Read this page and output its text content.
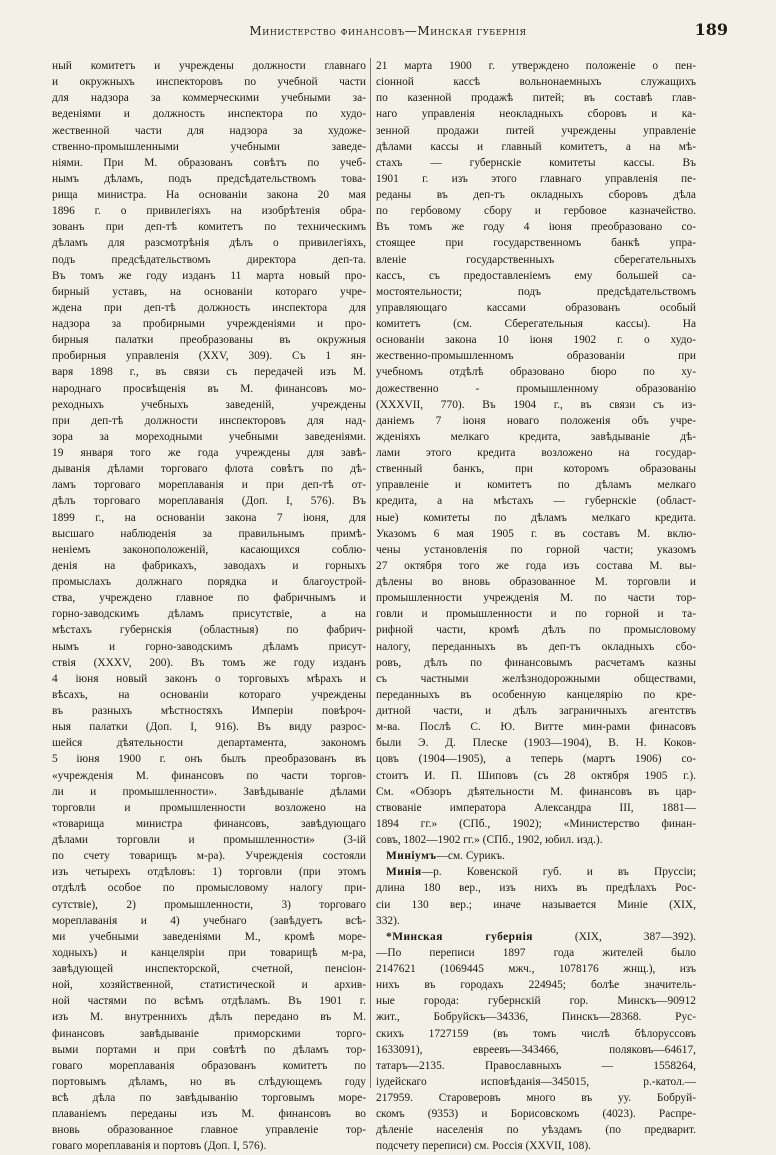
Министерство финансовъ—Минская губернія	189
ный комитетъ и учреждены должности главнаго
и окружныхъ инспекторовъ по учебной части
для надзора за коммерческими учебными за-
веденіями и должность инспектора по худо-
жественной части для надзора за художе-
ственно-промышленными учебными заведе-
ніями. При М. образованъ совѣтъ по учеб-
нымъ дѣламъ, подъ предсѣдательствомъ това-
рища министра. На основаніи закона 20 мая
1896 г. о привилегіяхъ на изобрѣтенія обра-
зованъ при деп-тѣ комитетъ по техническимъ
дѣламъ для разсмотрѣнія дѣлъ о привилегіяхъ,
подъ предсѣдательствомъ директора деп-та.
Въ томъ же году изданъ 11 марта новый про-
бирный уставъ, на основаніи котораго учре-
ждена при деп-тѣ должность инспектора для
надзора за пробирными учрежденіями и про-
бирныя палатки преобразованы въ окружныя
пробирныя управленія (XXV, 309). Съ 1 ян-
варя 1898 г., въ связи съ передачей изъ М.
народнаго просвѣщенія въ М. финансовъ мо-
реходныхъ учебныхъ заведеній, учреждены
при деп-тѣ должности инспекторовъ для над-
зора за мореходными учебными заведеніями.
19 января того же года учреждены для завѣ-
дыванія дѣлами торговаго флота совѣтъ по дѣ-
ламъ торговаго мореплаванія и при деп-тѣ от-
дѣлъ торговаго мореплаванія (Доп. I, 576). Въ
1899 г., на основаніи закона 7 іюня, для
высшаго наблюденія за правильнымъ примѣ-
неніемъ законоположеній, касающихся соблю-
денія на фабрикахъ, заводахъ и горныхъ
промыслахъ должнаго порядка и благоустрой-
ства, учреждено главное по фабричнымъ и
горно-заводскимъ дѣламъ присутствіе, а на
мѣстахъ губернскія (областныя) по фабрич-
нымъ и горно-заводскимъ дѣламъ присут-
ствія (XXXV, 200). Въ томъ же году изданъ
4 іюня новый законъ о торговыхъ мѣрахъ и
вѣсахъ, на основаніи котораго учреждены
въ разныхъ мѣстностяхъ Имперіи повѣроч-
ныя палатки (Доп. I, 916). Въ виду разрос-
шейся дѣятельности департамента, закономъ
5 іюня 1900 г. онъ былъ преобразованъ въ
«учрежденія М. финансовъ по части торгов-
ли и промышленности». Завѣдываніе дѣлами
торговли и промышленности возложено на
«товарища министра финансовъ, завѣдующаго
дѣлами торговли и промышленности» (3-ій
по счету товарищъ м-ра). Учрежденія состояли
изъ четырехъ отдѣловъ: 1) торговли (при этомъ
отдѣлѣ особое по промысловому налогу при-
сутствіе), 2) промышленности, 3) торговаго
мореплаванія и 4) учебнаго (завѣдуетъ всѣ-
ми учебными заведеніями М., кромѣ море-
ходныхъ) и канцеляріи при товарищѣ м-ра,
завѣдующей инспекторской, счетной, пенсіон-
ной, хозяйственной, статистической и архив-
ной частями по всѣмъ отдѣламъ. Въ 1901 г.
изъ М. внутреннихъ дѣлъ передано въ М.
финансовъ завѣдываніе приморскими торго-
выми портами и при совѣтѣ по дѣламъ тор-
говаго мореплаванія образованъ комитетъ по
портовымъ дѣламъ, но въ слѣдующемъ году
всѣ дѣла по завѣдыванію торговымъ море-
плаваніемъ переданы изъ М. финансовъ во
вновь образованное главное управленіе тор-
говаго мореплаванія и портовъ (Доп. I, 576).
21 марта 1900 г. утверждено положеніе о пен-
сіонной кассѣ вольнонаемныхъ служащихъ
по казенной продажѣ питей; въ составѣ глав-
наго управленія неокладныхъ сборовъ и ка-
зенной продажи питей учреждены управленіе
дѣлами кассы и главный комитетъ, а на мѣ-
стахъ — губернскіе комитеты кассы. Въ
1901 г. изъ этого главнаго управленія пе-
реданы въ деп-тъ окладныхъ сборовъ дѣла
по гербовому сбору и гербовое казначейство.
Въ томъ же году 4 іюня преобразовано со-
стоящее при государственномъ банкѣ упра-
вленіе государственныхъ сберегательныхъ
кассъ, съ предоставленіемъ ему большей са-
мостоятельности; подъ предсѣдательствомъ
управляющаго кассами образованъ особый
комитетъ (см. Сберегательныя кассы). На
основаніи закона 10 іюня 1902 г. о худо-
жественно-промышленномъ образованіи при
учебномъ отдѣлѣ образовано бюро по ху-
дожественно - промышленному образованію
(XXXVII, 770). Въ 1904 г., въ связи съ из-
даніемъ 7 іюня новаго положенія объ учре-
жденіяхъ мелкаго кредита, завѣдываніе дѣ-
лами этого кредита возложено на государ-
ственный банкъ, при которомъ образованы
управленіе и комитетъ по дѣламъ мелкаго
кредита, а на мѣстахъ — губернскіе (област-
ные) комитеты по дѣламъ мелкаго кредита.
Указомъ 6 мая 1905 г. въ составъ М. вклю-
чены установленія по горной части; указомъ
27 октября того же года изъ состава М. вы-
дѣлены во вновь образованное М. торговли и
промышленности учрежденія М. по части тор-
говли и промышленности и по горной и та-
рифной части, кромѣ дѣлъ по промысловому
налогу, переданныхъ въ деп-тъ окладныхъ сбо-
ровъ, дѣлъ по финансовымъ расчетамъ казны
съ частными желѣзнодорожными обществами,
переданныхъ въ особенную канцелярію по кре-
дитной части, и дѣлъ заграничныхъ агентствъ
м-ва. Послѣ С. Ю. Витте мин-рами финасовъ
были Э. Д. Плеске (1903—1904), В. Н. Коков-
цовъ (1904—1905), а теперь (мартъ 1906) со-
стоитъ И. П. Шиповъ (съ 28 октября 1905 г.).
См. «Обзоръ дѣятельности М. финансовъ въ цар-
ствованіе императора Александра III, 1881—
1894 гг.» (СПб., 1902); «Министерство финан-
совъ, 1802—1902 гг.» (СПб., 1902, юбил. изд.).
Миніумъ—см. Сурикъ.
Минія—р. Ковенской губ. и въ Пруссіи;
длина 180 вер., изъ нихъ въ предѣлахъ Рос-
сіи 130 вер.; иначе называется Миніе (XIX,
332).
*Минская губернія (XIX, 387—392).
—По переписи 1897 года жителей было
2147621 (1069445 мжч., 1078176 жнщ.), изъ
нихъ въ городахъ 224945; болѣе значитель-
ные города: губернскій гор. Минскъ—90912
жит., Бобруйскъ—34336, Пинскъ—28368. Рус-
скихъ 1727159 (въ томъ числѣ бѣлоруссовъ
1633091), евреевъ—343466, поляковъ—64617,
татаръ—2135. Православныхъ — 1558264,
іудейскаго исповѣданія—345015, р.-катол.—
217959. Староверовъ много въ уу. Бобруй-
скомъ (9353) и Борисовскомъ (4023). Распре-
дѣленіе населенія по уѣздамъ (по предварит.
подсчету переписи) см. Россія (XXVII, 108).
